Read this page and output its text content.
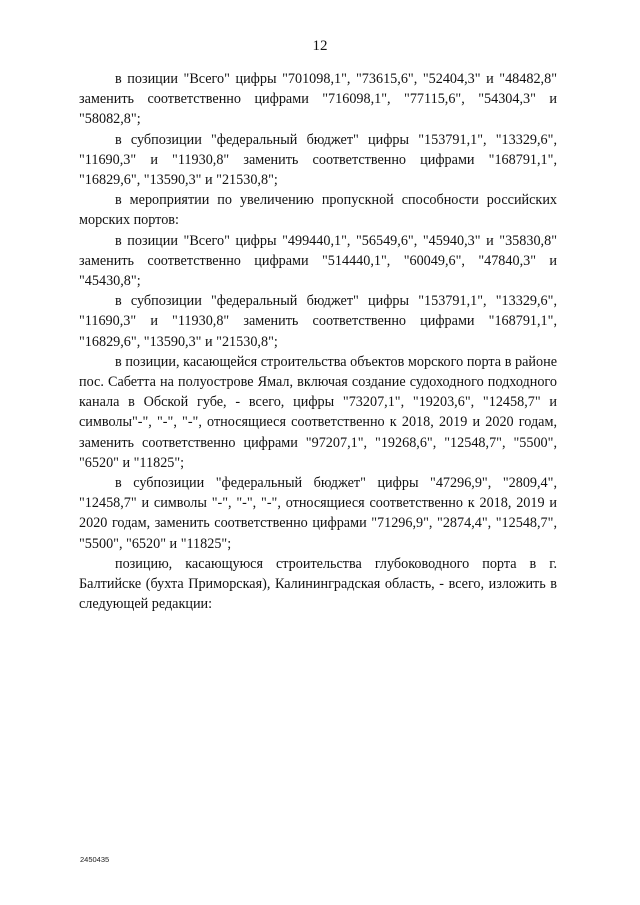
12

в позиции "Всего" цифры "701098,1", "73615,6", "52404,3" и "48482,8" заменить соответственно цифрами "716098,1", "77115,6", "54304,3" и "58082,8";

в субпозиции "федеральный бюджет" цифры "153791,1", "13329,6", "11690,3" и "11930,8" заменить соответственно цифрами "168791,1", "16829,6", "13590,3" и "21530,8";

в мероприятии по увеличению пропускной способности российских морских портов:

в позиции "Всего" цифры "499440,1", "56549,6", "45940,3" и "35830,8" заменить соответственно цифрами "514440,1", "60049,6", "47840,3" и "45430,8";

в субпозиции "федеральный бюджет" цифры "153791,1", "13329,6", "11690,3" и "11930,8" заменить соответственно цифрами "168791,1", "16829,6", "13590,3" и "21530,8";

в позиции, касающейся строительства объектов морского порта в районе пос. Сабетта на полуострове Ямал, включая создание судоходного подходного канала в Обской губе, - всего, цифры "73207,1", "19203,6", "12458,7" и символы"-", "-", "-", относящиеся соответственно к 2018, 2019 и 2020 годам, заменить соответственно цифрами "97207,1", "19268,6", "12548,7", "5500", "6520" и "11825";

в субпозиции "федеральный бюджет" цифры "47296,9", "2809,4", "12458,7" и символы "-", "-", "-", относящиеся соответственно к 2018, 2019 и 2020 годам, заменить соответственно цифрами "71296,9", "2874,4", "12548,7", "5500", "6520" и "11825";

позицию, касающуюся строительства глубоководного порта в г. Балтийске (бухта Приморская), Калининградская область, - всего, изложить в следующей редакции:

2450435
